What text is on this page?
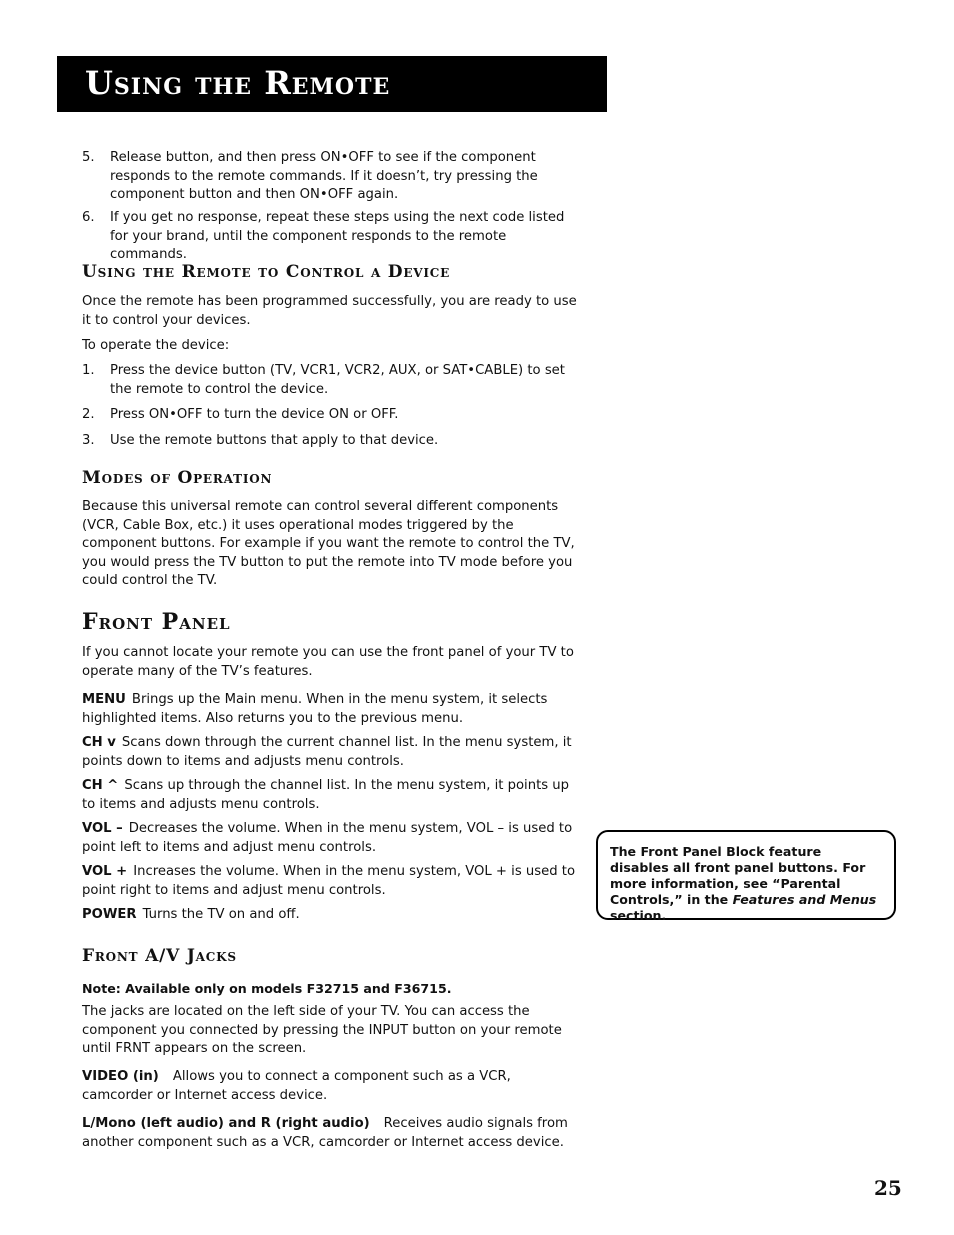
Using the Remote
5.	Release button, and then press ON•OFF to see if the component responds to the remote commands. If it doesn’t, try pressing the component button and then ON•OFF again.
6.	If you get no response, repeat these steps using the next code listed for your brand, until the component responds to the remote commands.
Using the Remote to Control a Device

Once the remote has been programmed successfully, you are ready to use it to control your devices.

To operate the device:

1.	Press the device button (TV, VCR1, VCR2, AUX, or SAT•CABLE) to set the remote to control the device.
2.	Press ON•OFF to turn the device ON or OFF.
3.	Use the remote buttons that apply to that device.
Modes of Operation

Because this universal remote can control several different components (VCR, Cable Box, etc.) it uses operational modes triggered by the component buttons. For example if you want the remote to control the TV, you would press the TV button to put the remote into TV mode before you could control the TV.

Front Panel

If you cannot locate your remote you can use the front panel of your TV to operate many of the TV’s features.

MENU Brings up the Main menu. When in the menu system, it selects highlighted items. Also returns you to the previous menu.

CH v Scans down through the current channel list. In the menu system, it points down to items and adjusts menu controls.

CH ^ Scans up through the channel list. In the menu system, it points up to items and adjusts menu controls.

VOL – Decreases the volume. When in the menu system, VOL – is used to point left to items and adjust menu controls.

VOL + Increases the volume. When in the menu system, VOL + is used to point right to items and adjust menu controls.

POWER Turns the TV on and off.

Front A/V Jacks

Note: Available only on models F32715 and F36715.

The jacks are located on the left side of your TV. You can access the component you connected by pressing the INPUT button on your remote until FRNT appears on the screen.

VIDEO (in) Allows you to connect a component such as a VCR, camcorder or Internet access device.

L/Mono (left audio) and R (right audio) Receives audio signals from another component such as a VCR, camcorder or Internet access device.

The Front Panel Block feature disables all front panel buttons. For more information, see “Parental Controls,” in the Features and Menus section.
25
